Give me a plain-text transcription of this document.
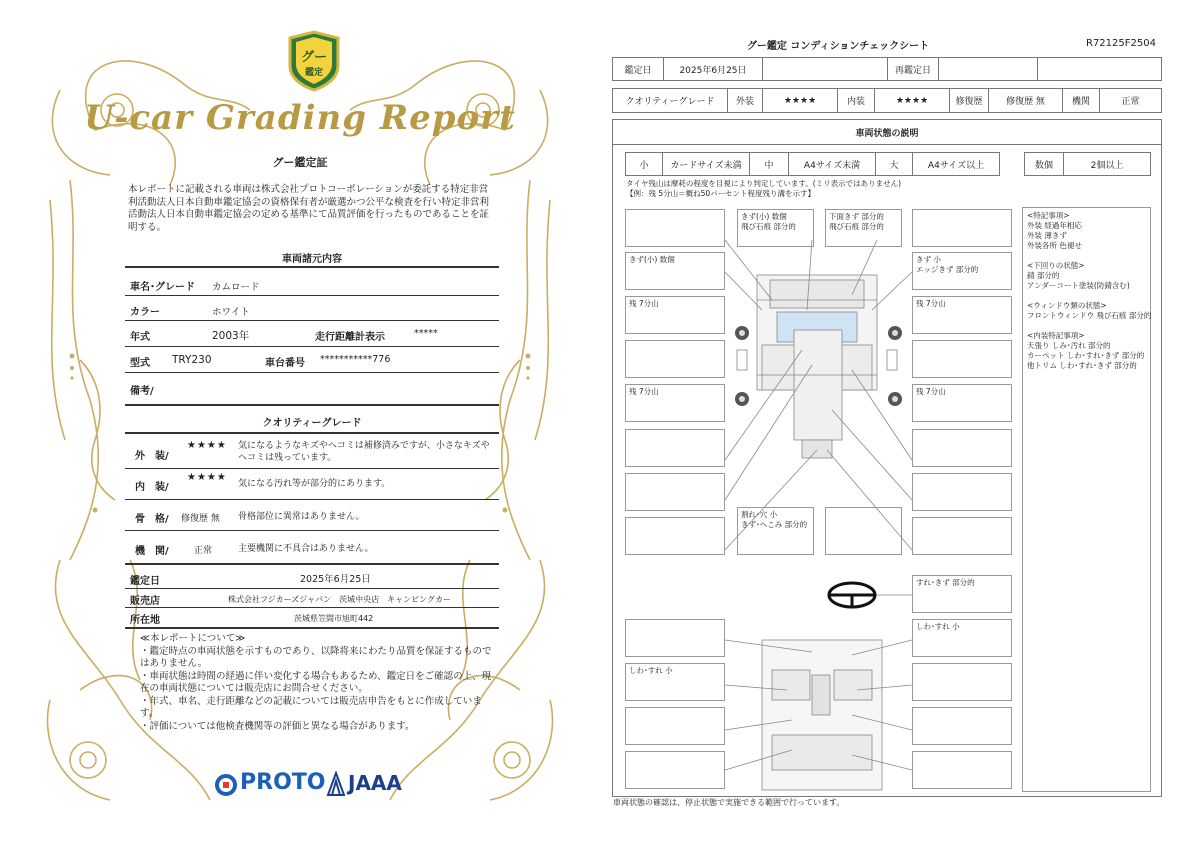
グー
鑑定
U-car Grading Report
グー鑑定証
本レポートに記載される車両は株式会社プロトコーポレーションが委託する特定非営利活動法人日本自動車鑑定協会の資格保有者が厳選かつ公平な検査を行い特定非営利活動法人日本自動車鑑定協会の定める基準にて品質評価を行ったものであることを証明する。
車両諸元内容
車名･グレード カムロード
カラー	ホワイト
年式	2003年	走行距離計表示	*****
型式 TRY230	車台番号 ***********776
備考/
クオリティーグレード
外　装/
★★★★ 気になるようなキズやヘコミは補修済みですが、小さなキズやヘコミは残っています。
内　装/
★★★★
気になる汚れ等が部分的にあります。
骨　格/ 修復歴 無 骨格部位に異常はありません。
機　関/	正常	主要機関に不具合はありません。
鑑定日	2025年6月25日
販売店	株式会社フジカーズジャパン　茨城中央店　キャンピングカー
所在地	茨城県笠間市旭町442
≪本レポートについて≫
・鑑定時点の車両状態を示すものであり、以降将来にわたり品質を保証するものではありません。
・車両状態は時間の経過に伴い変化する場合もあるため、鑑定日をご確認の上、現在の車両状態については販売店にお問合せください。
・年式、車名、走行距離などの記載については販売店申告をもとに作成しています。
・評価については他検査機関等の評価と異なる場合があります。
PROTO JAAA
グー鑑定 コンディションチェックシート	R72125F2504
鑑定日	2025年6月25日	再鑑定日
クオリティーグレード	外装	★★★★	内装	★★★★	修復歴	修復歴 無	機関	正常
車両状態の説明
小	カードサイズ未満	中	A4サイズ未満	大	A4サイズ以上	数個	2個以上
タイヤ残山は摩耗の程度を目視により判定しています。(ミリ表示ではありません)
【例：残 5分山＝概ね50パーセント程度残り溝を示す】
きず(小) 数個
残 7分山
残 7分山
しわ･すれ 小
きず(小) 数個
飛び石痕 部分的
下面きず 部分的
飛び石痕 部分的
割れ･穴 小
きず･へこみ 部分的
きず 小
エッジきず 部分的
残 7分山
残 7分山
すれ･きず 部分的
しわ･すれ 小
<特記事項>
外装 経過年相応
外装 薄きず
外装各所 色褪せ
<下回りの状態>
錆 部分的
アンダーコート塗装(防錆含む)
<ウィンドウ類の状態>
フロントウィンドウ 飛び石痕 部分的
<内装特記事項>
天張り しみ･汚れ 部分的
カーペット しわ･すれ･きず 部分的
他トリム しわ･すれ･きず 部分的
車両状態の確認は、停止状態で実施できる範囲で行っています。
